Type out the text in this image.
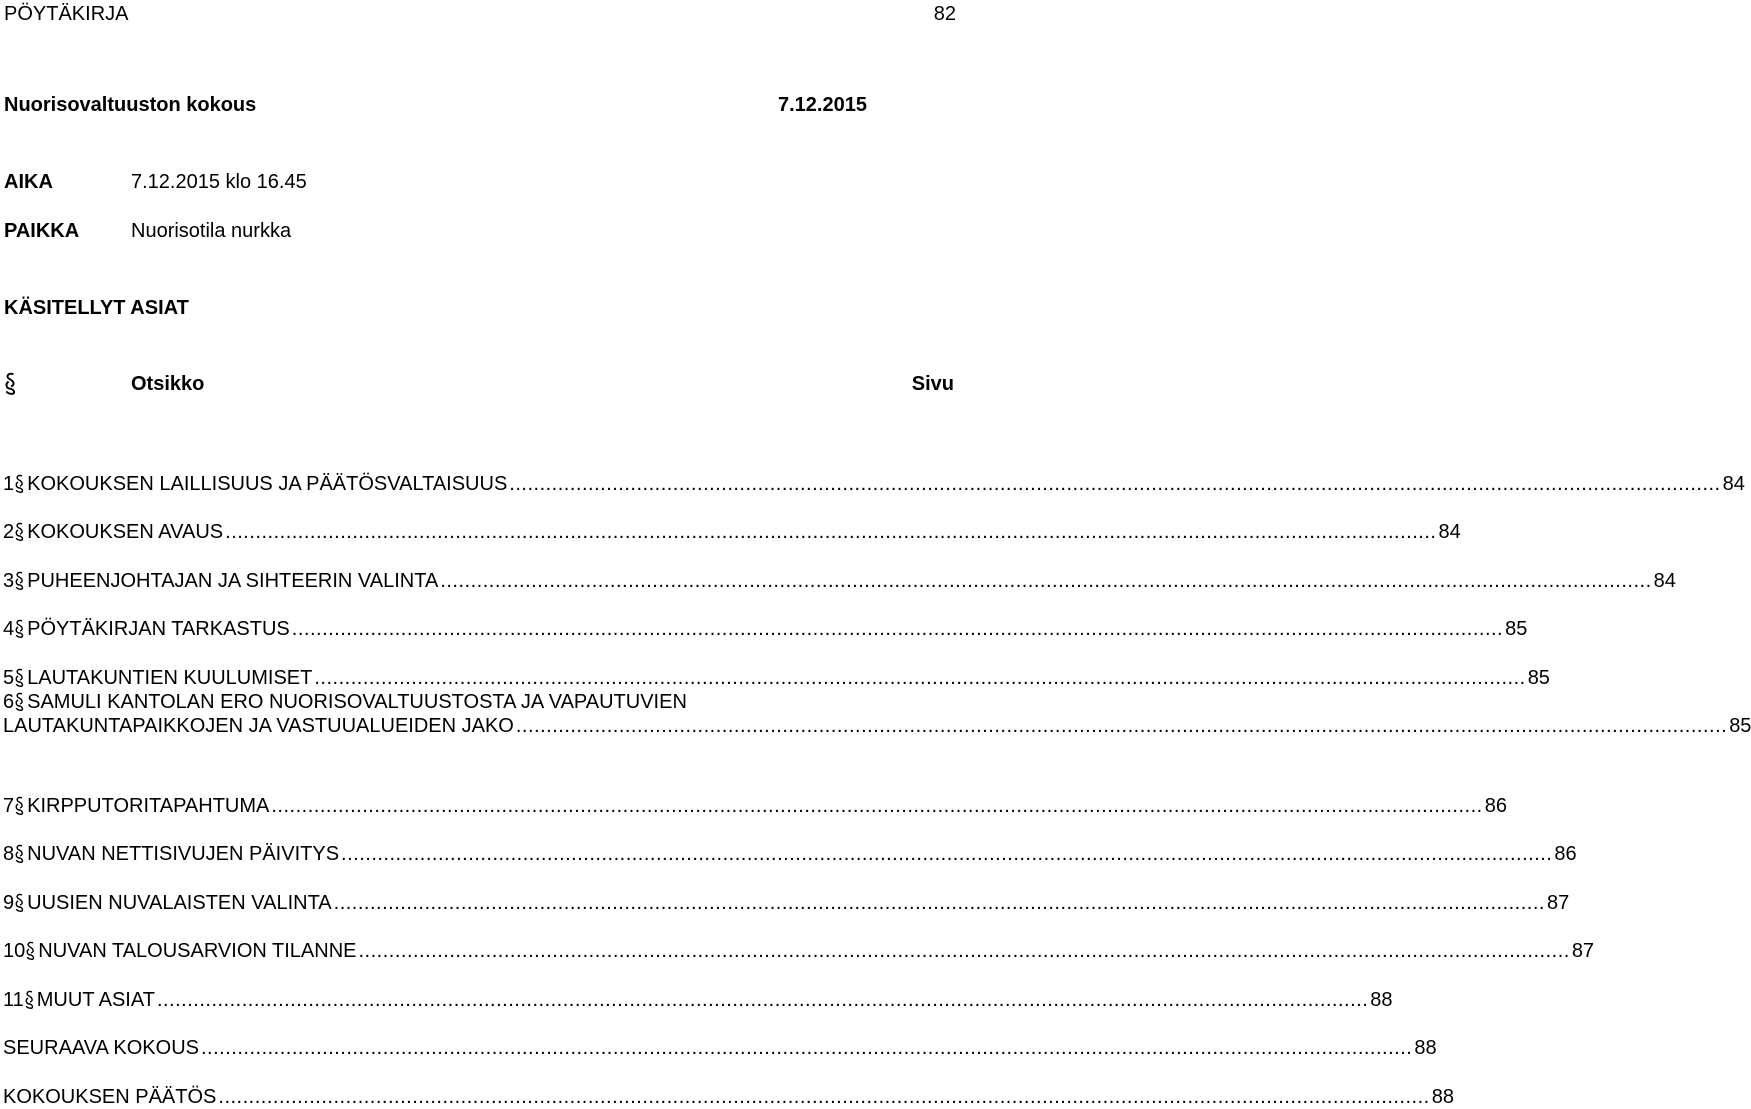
PÖYTÄKIRJA	82
Nuorisovaltuuston kokous	7.12.2015
AIKA	7.12.2015 klo 16.45
PAIKKA	Nuorisotila nurkka
KÄSITELLYT ASIAT
Otsikko	Sivu
1 KOKOUKSEN LAILLISUUS JA PÄÄTÖSVALTAISUUS ........................................................................................................................................................................................................ 84
2 KOKOUKSEN AVAUS ........................................................................................................................................................................................................ 84
3 PUHEENJOHTAJAN JA SIHTEERIN VALINTA ........................................................................................................................................................................................................ 84
4 PÖYTÄKIRJAN TARKASTUS ........................................................................................................................................................................................................ 85
5 LAUTAKUNTIEN KUULUMISET ........................................................................................................................................................................................................ 85
6 SAMULI KANTOLAN ERO NUORISOVALTUUSTOSTA JA VAPAUTUVIEN
LAUTAKUNTAPAIKKOJEN JA VASTUUALUEIDEN JAKO ........................................................................................................................................................................................................ 85
7 KIRPPUTORITAPAHTUMA ........................................................................................................................................................................................................ 86
8 NUVAN NETTISIVUJEN PÄIVITYS ........................................................................................................................................................................................................ 86
9 UUSIEN NUVALAISTEN VALINTA ........................................................................................................................................................................................................ 87
10 NUVAN TALOUSARVION TILANNE ........................................................................................................................................................................................................ 87
11 MUUT ASIAT ........................................................................................................................................................................................................ 88
SEURAAVA KOKOUS ........................................................................................................................................................................................................ 88
KOKOUKSEN PÄÄTÖS ........................................................................................................................................................................................................ 88
